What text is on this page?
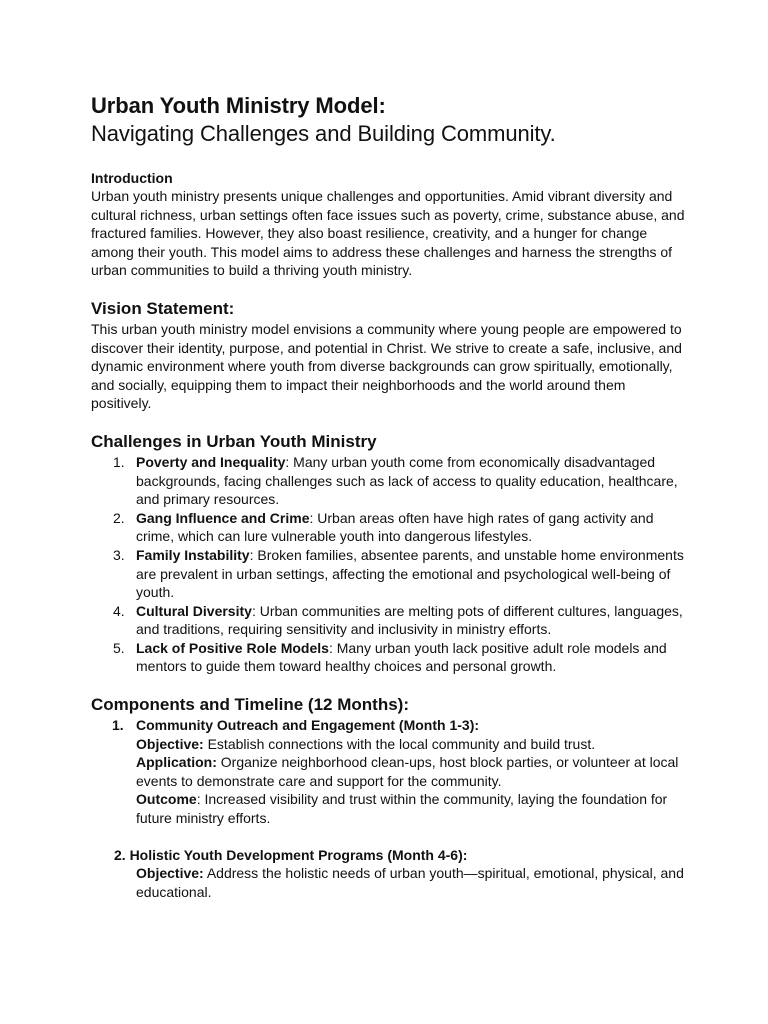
Urban Youth Ministry Model:
Navigating Challenges and Building Community.
Introduction

Urban youth ministry presents unique challenges and opportunities. Amid vibrant diversity and cultural richness, urban settings often face issues such as poverty, crime, substance abuse, and fractured families. However, they also boast resilience, creativity, and a hunger for change among their youth. This model aims to address these challenges and harness the strengths of urban communities to build a thriving youth ministry.

Vision Statement:

This urban youth ministry model envisions a community where young people are empowered to discover their identity, purpose, and potential in Christ. We strive to create a safe, inclusive, and dynamic environment where youth from diverse backgrounds can grow spiritually, emotionally, and socially, equipping them to impact their neighborhoods and the world around them positively.

Challenges in Urban Youth Ministry
1. Poverty and Inequality: Many urban youth come from economically disadvantaged backgrounds, facing challenges such as lack of access to quality education, healthcare, and primary resources.
2. Gang Influence and Crime: Urban areas often have high rates of gang activity and crime, which can lure vulnerable youth into dangerous lifestyles.
3. Family Instability: Broken families, absentee parents, and unstable home environments are prevalent in urban settings, affecting the emotional and psychological well-being of youth.
4. Cultural Diversity: Urban communities are melting pots of different cultures, languages, and traditions, requiring sensitivity and inclusivity in ministry efforts.
5. Lack of Positive Role Models: Many urban youth lack positive adult role models and mentors to guide them toward healthy choices and personal growth.
Components and Timeline (12 Months):
1. Community Outreach and Engagement (Month 1-3):
Objective: Establish connections with the local community and build trust.
Application: Organize neighborhood clean-ups, host block parties, or volunteer at local events to demonstrate care and support for the community.
Outcome: Increased visibility and trust within the community, laying the foundation for future ministry efforts.
2. Holistic Youth Development Programs (Month 4-6):
Objective: Address the holistic needs of urban youth—spiritual, emotional, physical, and educational.
